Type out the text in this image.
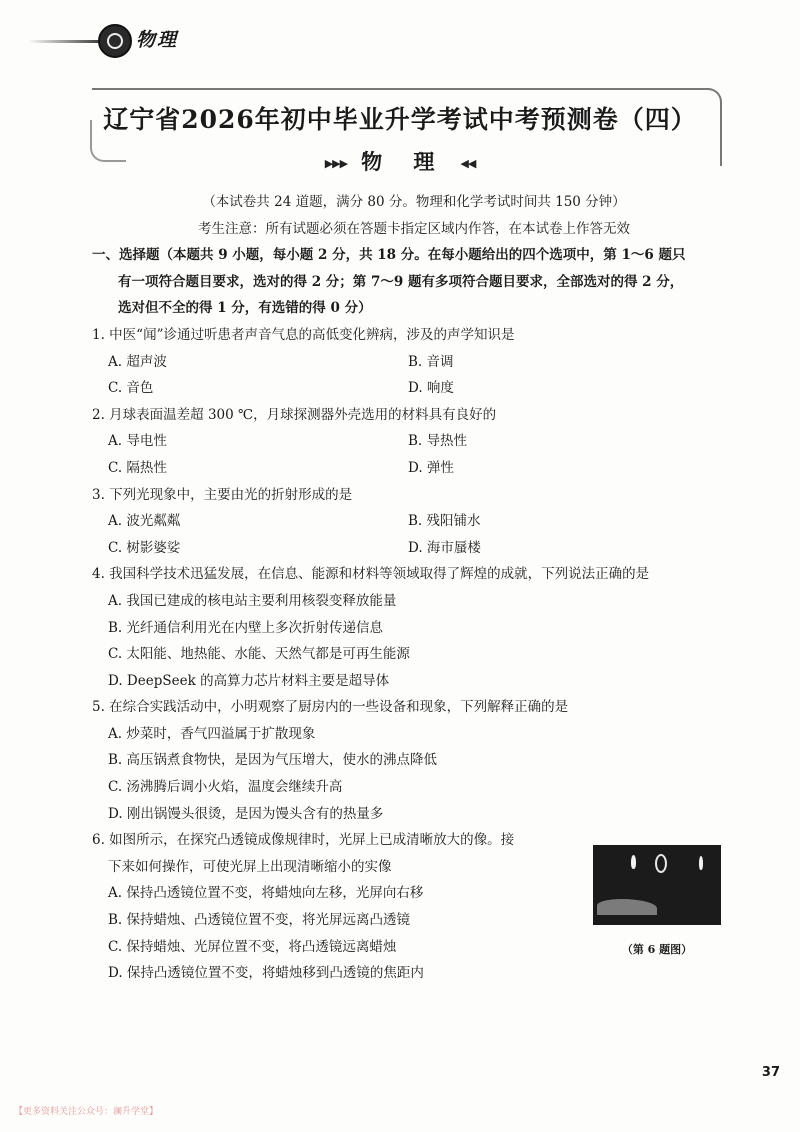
物理
辽宁省2026年初中毕业升学考试中考预测卷（四）
▶▶▶ 物 理 ◀◀
（本试卷共 24 道题，满分 80 分。物理和化学考试时间共 150 分钟）
考生注意：所有试题必须在答题卡指定区域内作答，在本试卷上作答无效
一、选择题（本题共 9 小题，每小题 2 分，共 18 分。在每小题给出的四个选项中，第 1～6 题只
有一项符合题目要求，选对的得 2 分；第 7～9 题有多项符合题目要求，全部选对的得 2 分，
选对但不全的得 1 分，有选错的得 0 分）
1. 中医“闻”诊通过听患者声音气息的高低变化辨病，涉及的声学知识是
A. 超声波	B. 音调
C. 音色	D. 响度
2. 月球表面温差超 300 ℃，月球探测器外壳选用的材料具有良好的
A. 导电性	B. 导热性
C. 隔热性	D. 弹性
3. 下列光现象中，主要由光的折射形成的是
A. 波光粼粼	B. 残阳铺水
C. 树影婆娑	D. 海市蜃楼
4. 我国科学技术迅猛发展，在信息、能源和材料等领域取得了辉煌的成就，下列说法正确的是
A. 我国已建成的核电站主要利用核裂变释放能量
B. 光纤通信利用光在内壁上多次折射传递信息
C. 太阳能、地热能、水能、天然气都是可再生能源
D. DeepSeek 的高算力芯片材料主要是超导体
5. 在综合实践活动中，小明观察了厨房内的一些设备和现象，下列解释正确的是
A. 炒菜时，香气四溢属于扩散现象
B. 高压锅煮食物快，是因为气压增大，使水的沸点降低
C. 汤沸腾后调小火焰，温度会继续升高
D. 刚出锅馒头很烫，是因为馒头含有的热量多
6. 如图所示，在探究凸透镜成像规律时，光屏上已成清晰放大的像。接
下来如何操作，可使光屏上出现清晰缩小的实像
A. 保持凸透镜位置不变，将蜡烛向左移，光屏向右移
B. 保持蜡烛、凸透镜位置不变，将光屏远离凸透镜
C. 保持蜡烛、光屏位置不变，将凸透镜远离蜡烛
D. 保持凸透镜位置不变，将蜡烛移到凸透镜的焦距内
（第 6 题图）
37
【更多资料关注公众号：澜升学堂】
